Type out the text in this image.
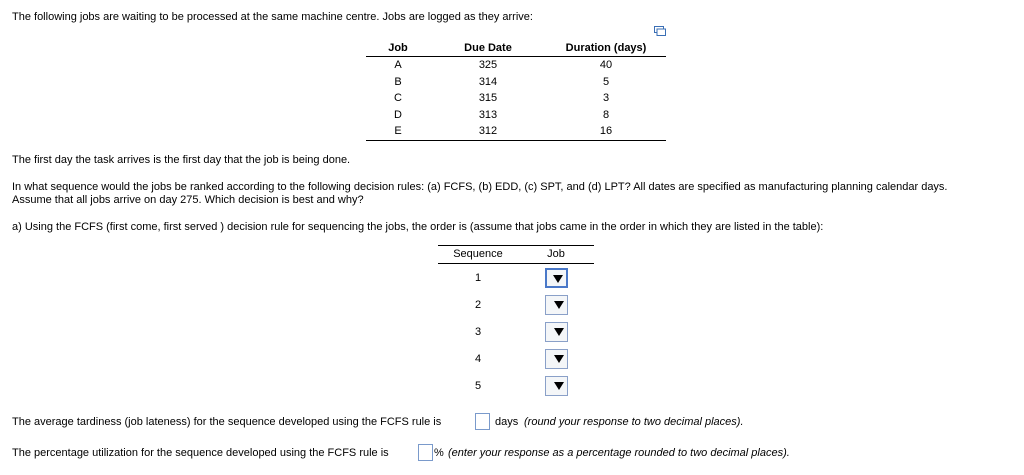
The following jobs are waiting to be processed at the same machine centre. Jobs are logged as they arrive:
Job	Due Date	Duration (days)
A	325	40
B	314	5
C	315	3
D	313	8
E	312	16
The first day the task arrives is the first day that the job is being done.
In what sequence would the jobs be ranked according to the following decision rules: (a) FCFS, (b) EDD, (c) SPT, and (d) LPT? All dates are specified as manufacturing planning calendar days.
Assume that all jobs arrive on day 275. Which decision is best and why?
a) Using the FCFS (first come, first served ) decision rule for sequencing the jobs, the order is (assume that jobs came in the order in which they are listed in the table):
Sequence	Job
1
2
3
4
5
The average tardiness (job lateness) for the sequence developed using the FCFS rule is	days (round your response to two decimal places).
The percentage utilization for the sequence developed using the FCFS rule is	% (enter your response as a percentage rounded to two decimal places).
